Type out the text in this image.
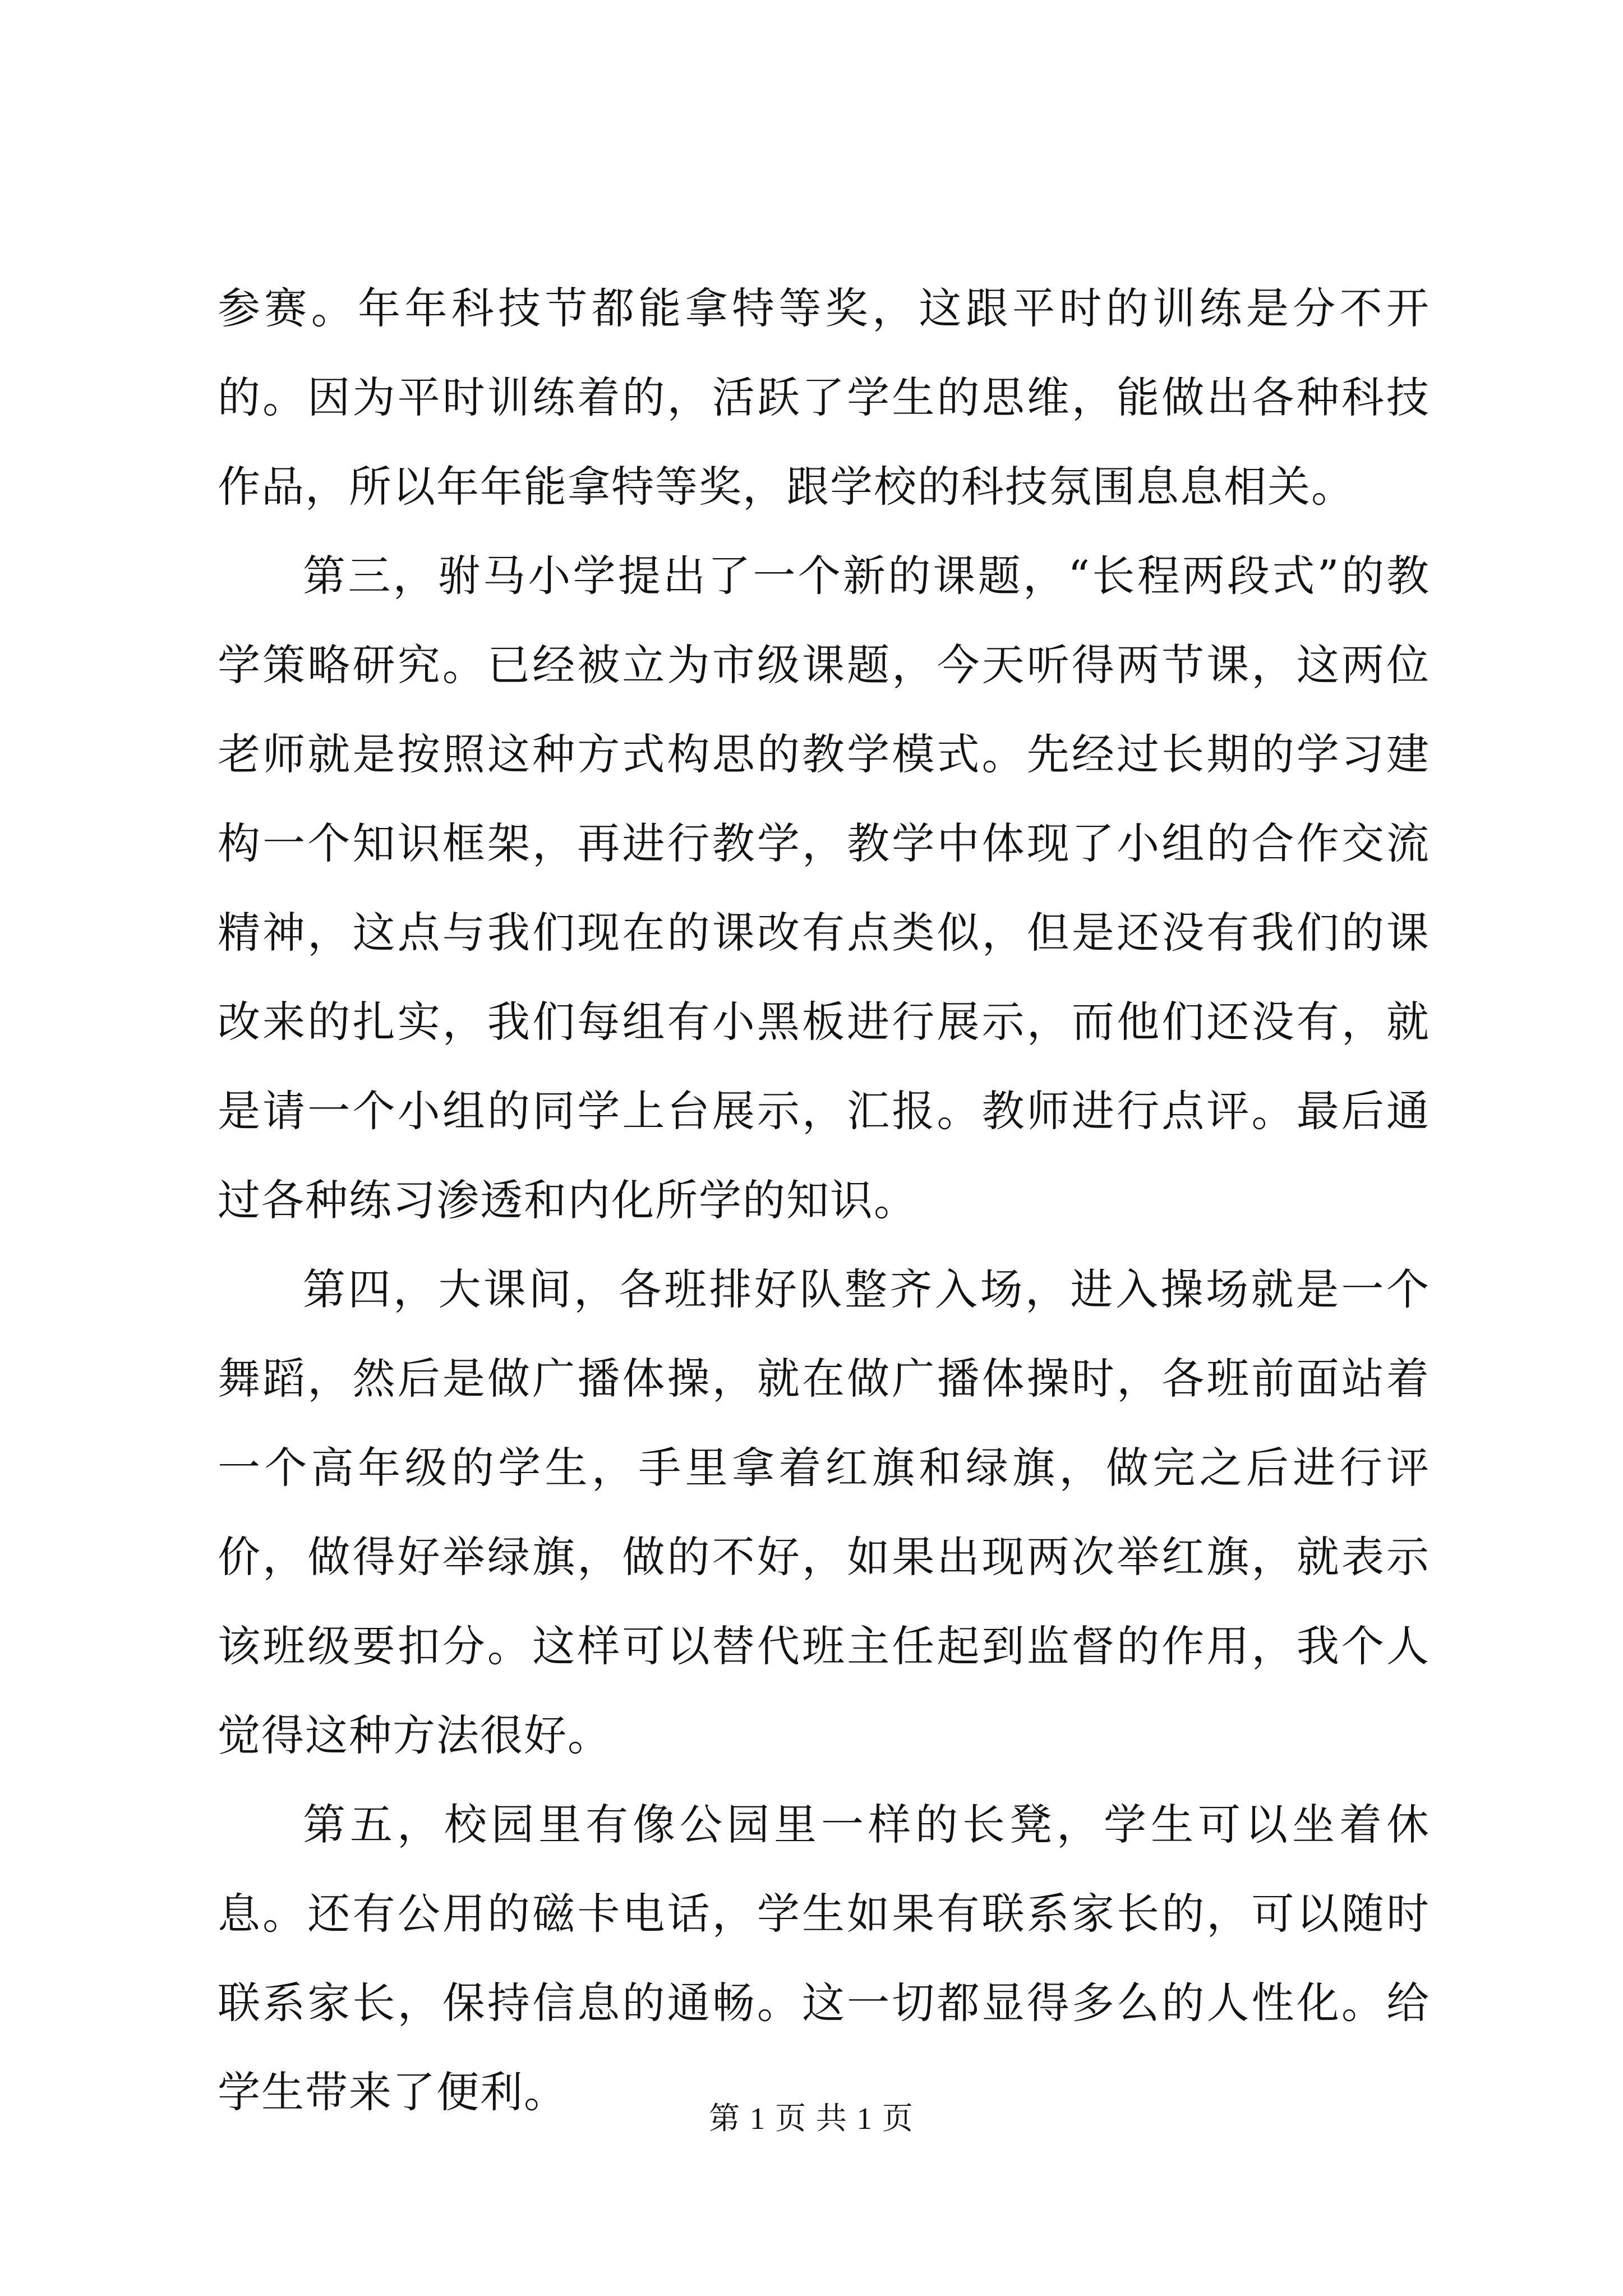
参赛。年年科技节都能拿特等奖，这跟平时的训练是分不开的。因为平时训练着的，活跃了学生的思维，能做出各种科技作品，所以年年能拿特等奖，跟学校的科技氛围息息相关。

第三，驸马小学提出了一个新的课题，“长程两段式”的教学策略研究。已经被立为市级课题，今天听得两节课，这两位老师就是按照这种方式构思的教学模式。先经过长期的学习建构一个知识框架，再进行教学，教学中体现了小组的合作交流精神，这点与我们现在的课改有点类似，但是还没有我们的课改来的扎实，我们每组有小黑板进行展示，而他们还没有，就是请一个小组的同学上台展示，汇报。教师进行点评。最后通过各种练习渗透和内化所学的知识。

第四，大课间，各班排好队整齐入场，进入操场就是一个舞蹈，然后是做广播体操，就在做广播体操时，各班前面站着一个高年级的学生，手里拿着红旗和绿旗，做完之后进行评价，做得好举绿旗，做的不好，如果出现两次举红旗，就表示该班级要扣分。这样可以替代班主任起到监督的作用，我个人觉得这种方法很好。

第五，校园里有像公园里一样的长凳，学生可以坐着休息。还有公用的磁卡电话，学生如果有联系家长的，可以随时联系家长，保持信息的通畅。这一切都显得多么的人性化。给学生带来了便利。

第 1 页 共 1 页
